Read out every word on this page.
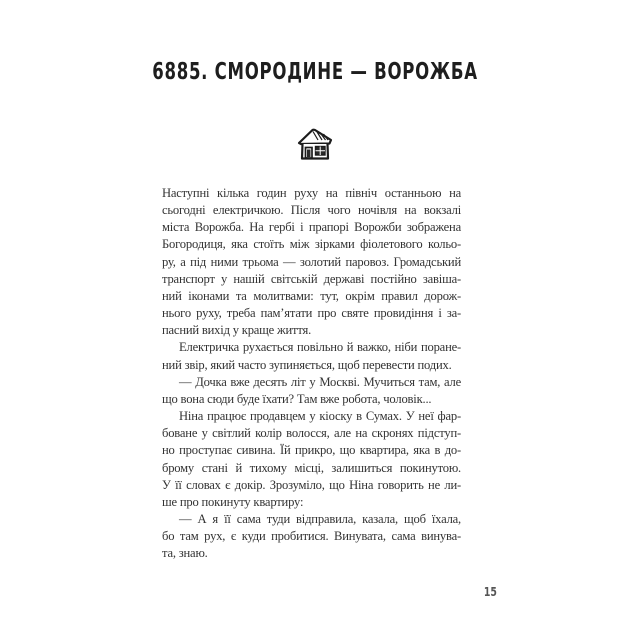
6885. СМОРОДИНЕ — ВОРОЖБА
Наступні кілька годин руху на північ останньою на
сьогодні електричкою. Після чого ночівля на вокзалі
міста Ворожба. На гербі і прапорі Ворожби зображена
Богородиця, яка стоїть між зірками фіолетового кольо-
ру, а під ними трьома — золотий паровоз. Громадський
транспорт у нашій світській державі постійно завіша-
ний іконами та молитвами: тут, окрім правил дорож-
нього руху, треба пам’ятати про святе провидіння і за-
пасний вихід у краще життя.
Електричка рухається повільно й важко, ніби поране-
ний звір, який часто зупиняється, щоб перевести подих.
— Дочка вже десять літ у Москві. Мучиться там, але
що вона сюди буде їхати? Там вже робота, чоловік...
Ніна працює продавцем у кіоску в Сумах. У неї фар-
боване у світлий колір волосся, але на скронях підступ-
но проступає сивина. Їй прикро, що квартира, яка в до-
брому стані й тихому місці, залишиться покинутою.
У її словах є докір. Зрозуміло, що Ніна говорить не ли-
ше про покинуту квартиру:
— А я її сама туди відправила, казала, щоб їхала,
бо там рух, є куди пробитися. Винувата, сама винува-
та, знаю.
15
